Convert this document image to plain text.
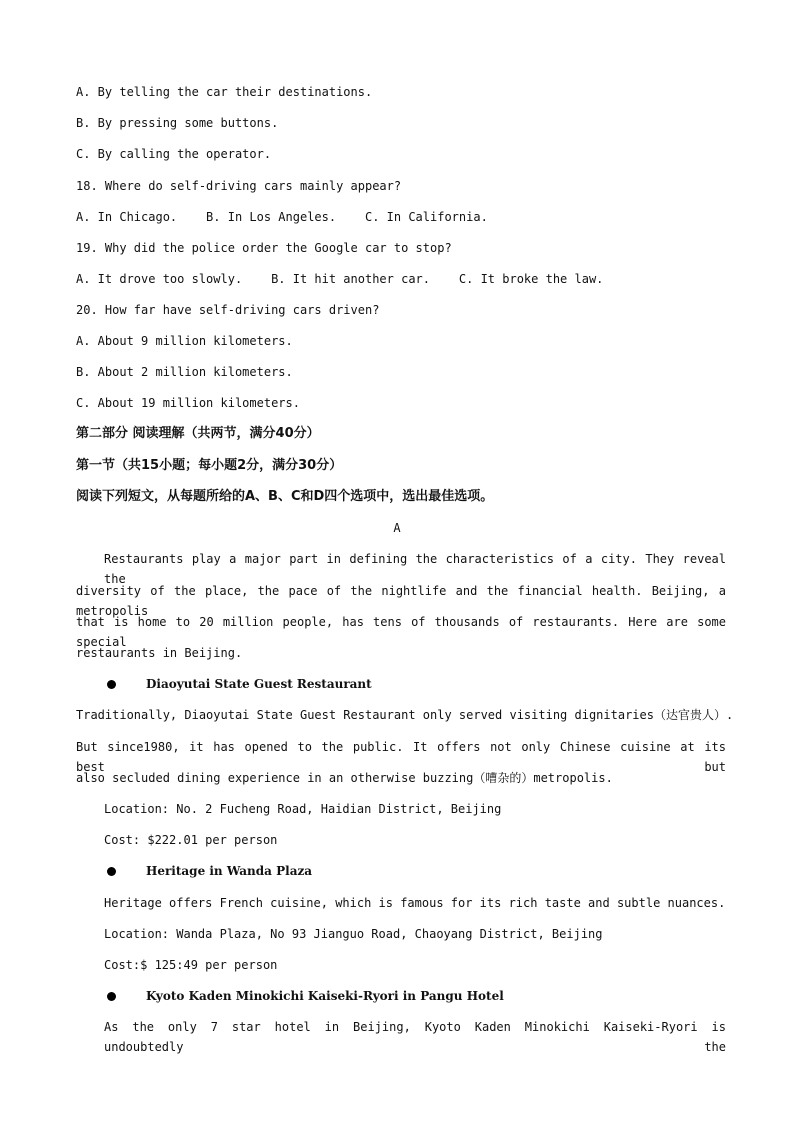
A. By telling the car their destinations.
B. By pressing some buttons.
C. By calling the operator.
18. Where do self-driving cars mainly appear?
A. In Chicago.    B. In Los Angeles.    C. In California.
19. Why did the police order the Google car to stop?
A. It drove too slowly.    B. It hit another car.    C. It broke the law.
20. How far have self-driving cars driven?
A. About 9 million kilometers.
B. About 2 million kilometers.
C. About 19 million kilometers.
第二部分 阅读理解（共两节，满分40分）
第一节（共15小题；每小题2分，满分30分）
阅读下列短文，从每题所给的A、B、C和D四个选项中，选出最佳选项。
A
Restaurants play a major part in defining the characteristics of a city. They reveal the
diversity of the place, the pace of the nightlife and the financial health. Beijing, a metropolis
that is home to 20 million people, has tens of thousands of restaurants. Here are some special
restaurants in Beijing.
Diaoyutai State Guest Restaurant
Traditionally, Diaoyutai State Guest Restaurant only served visiting dignitaries（达官贵人）.
But since1980, it has opened to the public. It offers not only Chinese cuisine at its best but
also secluded dining experience in an otherwise buzzing（嘈杂的）metropolis.
Location: No. 2 Fucheng Road, Haidian District, Beijing
Cost: $222.01 per person
Heritage in Wanda Plaza
Heritage offers French cuisine, which is famous for its rich taste and subtle nuances.
Location: Wanda Plaza, No 93 Jianguo Road, Chaoyang District, Beijing
Cost:$ 125:49 per person
Kyoto Kaden Minokichi Kaiseki-Ryori in Pangu Hotel
As the only 7 star hotel in Beijing, Kyoto Kaden Minokichi Kaiseki-Ryori is undoubtedly the
